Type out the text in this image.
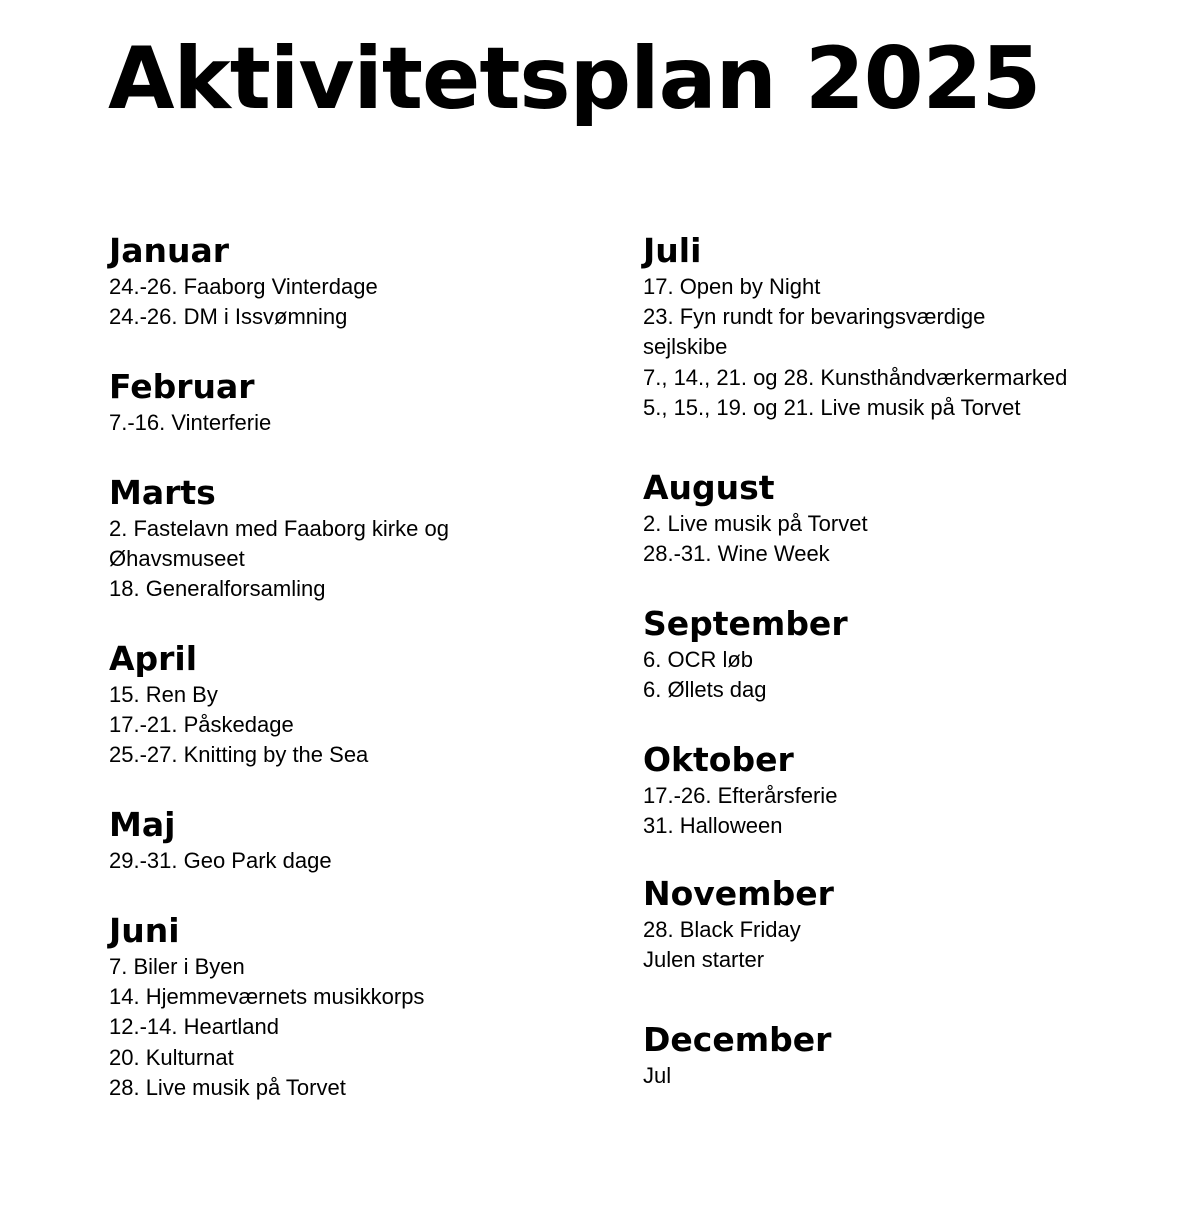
Aktivitetsplan 2025
Januar
24.-26. Faaborg Vinterdage
24.-26. DM i Issvømning
Februar
7.-16. Vinterferie
Marts
2. Fastelavn med Faaborg kirke og Øhavsmuseet
18. Generalforsamling
April
15. Ren By
17.-21. Påskedage
25.-27. Knitting by the Sea
Maj
29.-31. Geo Park dage
Juni
7. Biler i Byen
14. Hjemmeværnets musikkorps
12.-14. Heartland
20. Kulturnat
28. Live musik på Torvet
Juli
17. Open by Night
23. Fyn rundt for bevaringsværdige sejlskibe
7., 14., 21. og 28. Kunsthåndværkermarked
5., 15., 19. og 21. Live musik på Torvet
August
2. Live musik på Torvet
28.-31. Wine Week
September
6. OCR løb
6. Øllets dag
Oktober
17.-26. Efterårsferie
31. Halloween
November
28. Black Friday
Julen starter
December
Jul
